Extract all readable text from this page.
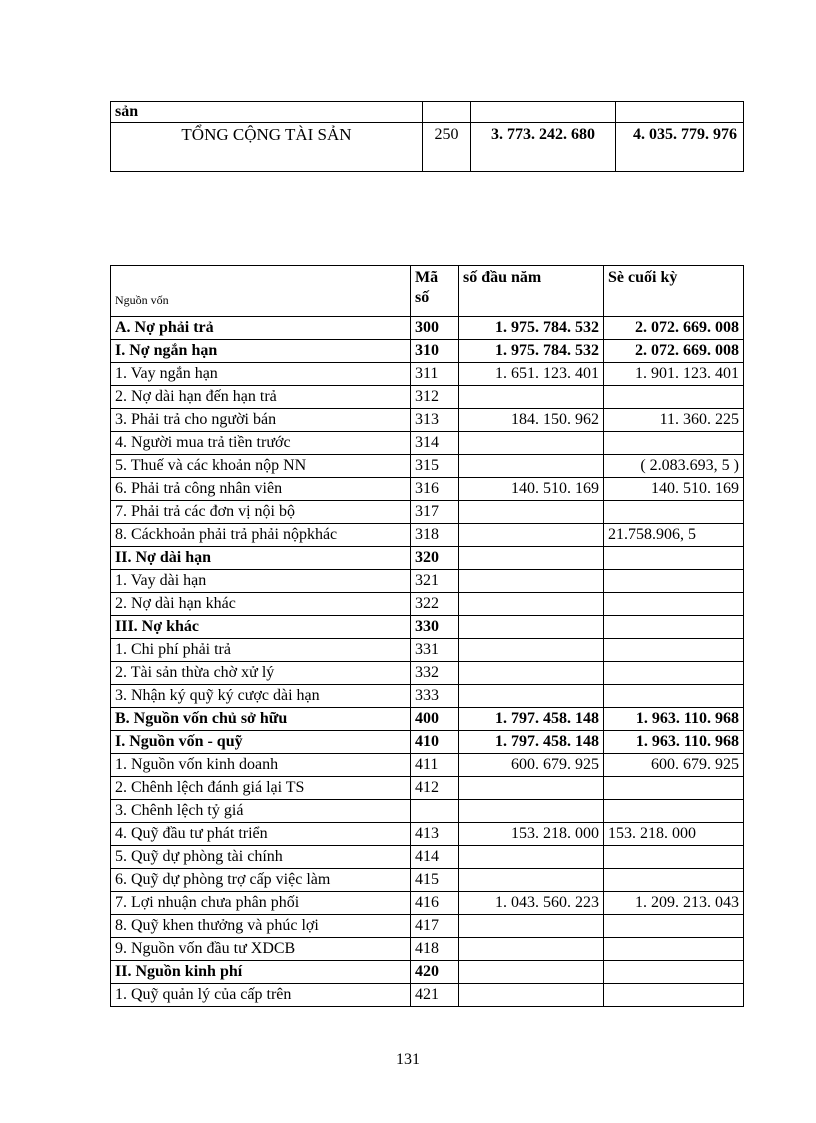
sản			
TỔNG CỘNG TÀI SẢN	250	3. 773. 242. 680	4. 035. 779. 976
Nguồn vốn	Mã số	số đầu năm	Sè cuối kỳ
A. Nợ phải trả	300	1. 975. 784. 532	2. 072. 669. 008
I. Nợ ngắn hạn	310	1. 975. 784. 532	2. 072. 669. 008
1. Vay ngắn hạn	311	1. 651. 123. 401	1. 901. 123. 401
2. Nợ dài hạn đến hạn trả	312		
3. Phải trả cho người bán	313	184. 150. 962	11. 360. 225
4. Người mua trả tiền trước	314		
5. Thuế và các khoản nộp NN	315		( 2.083.693, 5 )
6. Phải trả công nhân viên	316	140. 510. 169	140. 510. 169
7. Phải trả các đơn vị nội bộ	317		
8. Cáckhoản phải trả phải nộpkhác	318		21.758.906, 5
II. Nợ dài hạn	320		
1. Vay dài hạn	321		
2. Nợ dài hạn khác	322		
III. Nợ khác	330		
1. Chi phí phải trả	331		
2. Tài sản thừa chờ xử lý	332		
3. Nhận ký quỹ ký cược dài hạn	333		
B. Nguồn vốn chủ sở hữu	400	1. 797. 458. 148	1. 963. 110. 968
I. Nguồn vốn - quỹ	410	1. 797. 458. 148	1. 963. 110. 968
1. Nguồn vốn kinh doanh	411	600. 679. 925	600. 679. 925
2. Chênh lệch đánh giá lại TS	412		
3. Chênh lệch tỷ giá			
4. Quỹ đầu tư phát triển	413	153. 218. 000	153. 218. 000
5. Quỹ dự phòng tài chính	414		
6. Quỹ dự phòng trợ cấp việc làm	415		
7. Lợi nhuận chưa phân phối	416	1. 043. 560. 223	1. 209. 213. 043
8. Quỹ khen thưởng và phúc lợi	417		
9. Nguồn vốn đầu tư XDCB	418		
II. Nguồn kinh phí	420		
1. Quỹ quản lý của cấp trên	421		
131
